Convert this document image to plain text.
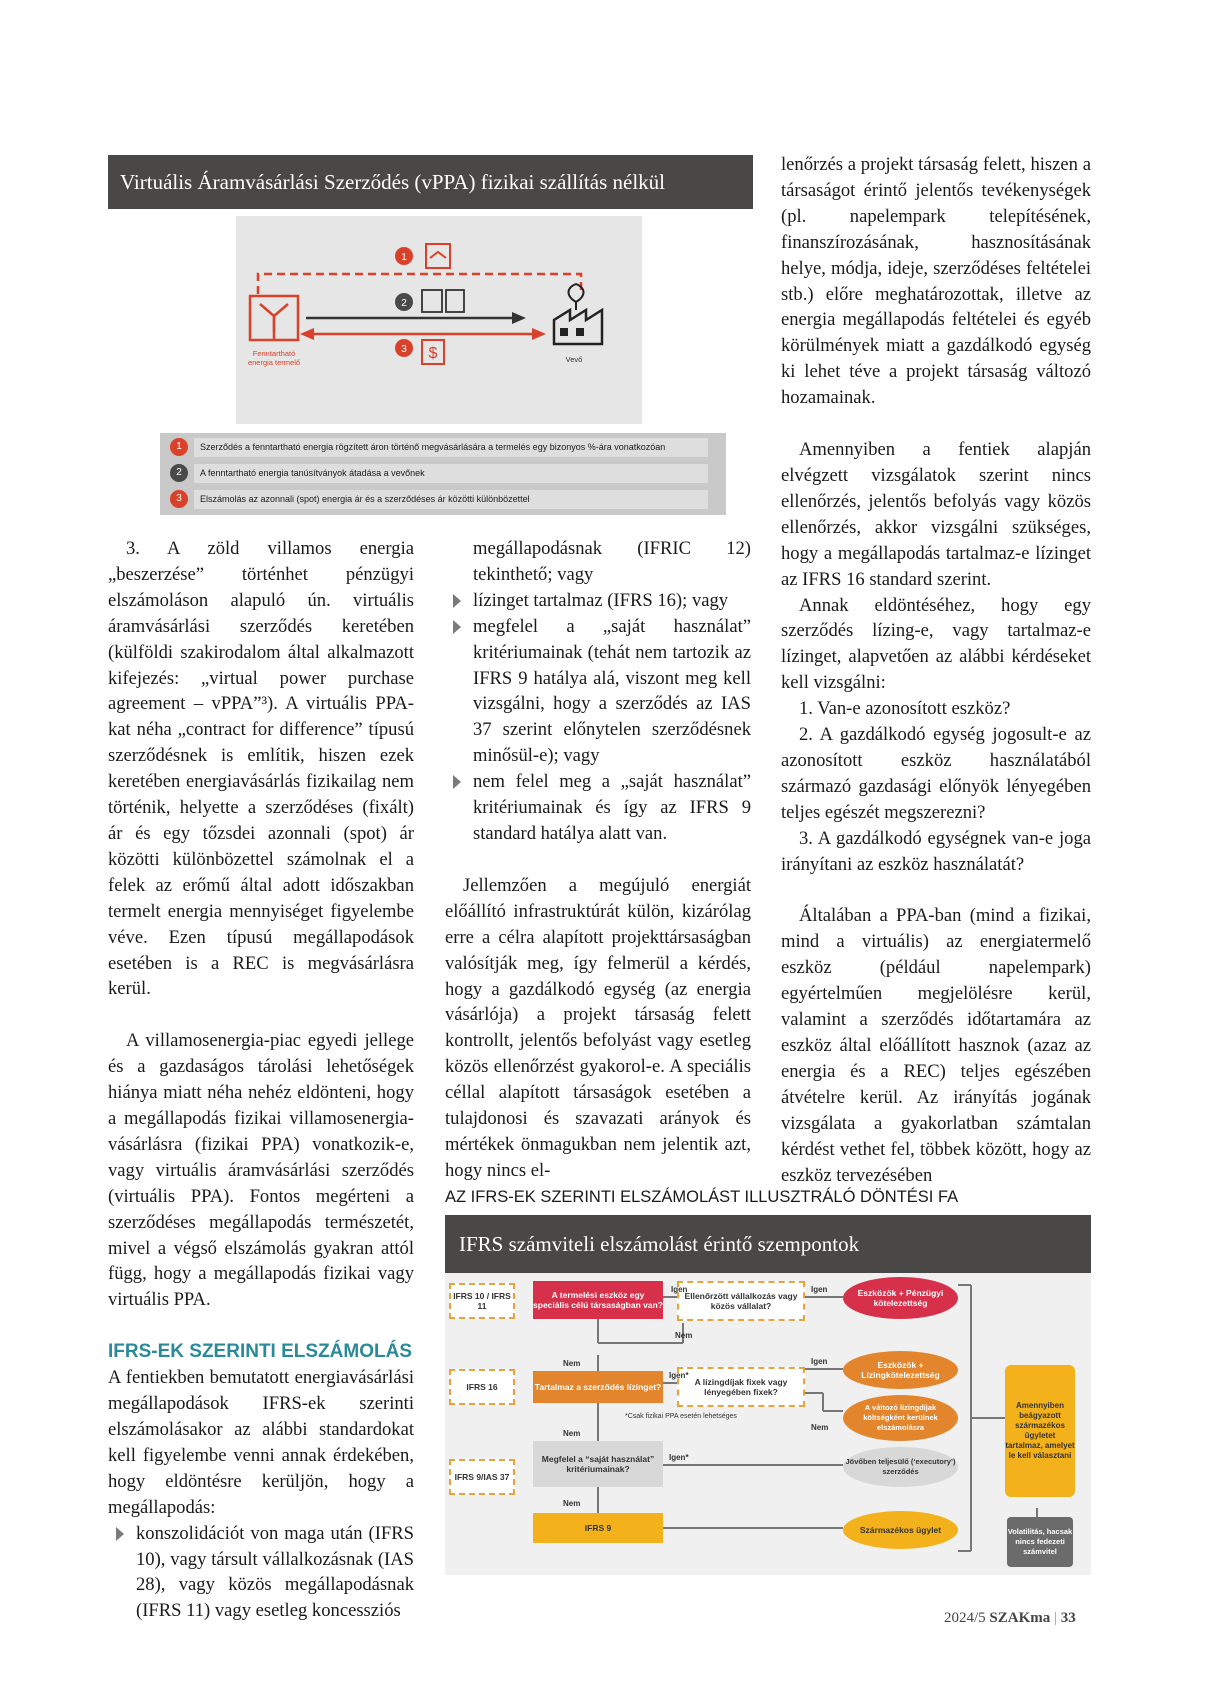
Virtuális Áramvásárlási Szerződés (vPPA) fizikai szállítás nélkül
1
2
3 $
Fenntartható
energia termelő	Vevő
1	Szerződés a fenntartható energia rögzített áron történő megvásárlására a termelés egy bizonyos %-ára vonatkozóan
2	A fenntartható energia tanúsítványok átadása a vevőnek
3	Elszámolás az azonnali (spot) energia ár és a szerződéses ár közötti különbözettel

3. A zöld villamos energia „beszerzése” történhet pénzügyi elszámoláson alapuló ún. virtuális áramvásárlási szerződés keretében (külföldi szakirodalom által alkalmazott kifejezés: „virtual power purchase agreement – vPPA”³). A virtuális PPA-kat néha „contract for difference” típusú szerződésnek is említik, hiszen ezek keretében energiavásárlás fizikailag nem történik, helyette a szerződéses (fixált) ár és egy tőzsdei azonnali (spot) ár közötti különbözettel számolnak el a felek az erőmű által adott időszakban termelt energia mennyiséget figyelembe véve. Ezen típusú megállapodások esetében is a REC is megvásárlásra kerül.

A villamosenergia-piac egyedi jellege és a gazdaságos tárolási lehetőségek hiánya miatt néha nehéz eldönteni, hogy a megállapodás fizikai villamosenergia-vásárlásra (fizikai PPA) vonatkozik-e, vagy virtuális áramvásárlási szerződés (virtuális PPA). Fontos megérteni a szerződéses megállapodás természetét, mivel a végső elszámolás gyakran attól függ, hogy a megállapodás fizikai vagy virtuális PPA.

IFRS-EK SZERINTI ELSZÁMOLÁS

A fentiekben bemutatott energiavásárlási megállapodások IFRS-ek szerinti elszámolásakor az alábbi standardokat kell figyelembe venni annak érdekében, hogy eldöntésre kerüljön, hogy a megállapodás:

konszolidációt von maga után (IFRS 10), vagy társult vállalkozásnak (IAS 28), vagy közös megállapodásnak (IFRS 11) vagy esetleg koncessziós

megállapodásnak (IFRIC 12) tekinthető; vagy

lízinget tartalmaz (IFRS 16); vagy

megfelel a „saját használat” kritériumainak (tehát nem tartozik az IFRS 9 hatálya alá, viszont meg kell vizsgálni, hogy a szerződés az IAS 37 szerint előnytelen szerződésnek minősül-e); vagy

nem felel meg a „saját használat” kritériumainak és így az IFRS 9 standard hatálya alatt van.

Jellemzően a megújuló energiát előállító infrastruktúrát külön, kizárólag erre a célra alapított projekttársaságban valósítják meg, így felmerül a kérdés, hogy a gazdálkodó egység (az energia vásárlója) a projekt társaság felett kontrollt, jelentős befolyást vagy esetleg közös ellenőrzést gyakorol-e. A speciális céllal alapított társaságok esetében a tulajdonosi és szavazati arányok és mértékek önmagukban nem jelentik azt, hogy nincs el-

lenőrzés a projekt társaság felett, hiszen a társaságot érintő jelentős tevékenységek (pl. napelempark telepítésének, finanszírozásának, hasznosításának helye, módja, ideje, szerződéses feltételei stb.) előre meghatározottak, illetve az energia megállapodás feltételei és egyéb körülmények miatt a gazdálkodó egység ki lehet téve a projekt társaság változó hozamainak.

Amennyiben a fentiek alapján elvégzett vizsgálatok szerint nincs ellenőrzés, jelentős befolyás vagy közös ellenőrzés, akkor vizsgálni szükséges, hogy a megállapodás tartalmaz-e lízinget az IFRS 16 standard szerint.

Annak eldöntéséhez, hogy egy szerződés lízing-e, vagy tartalmaz-e lízinget, alapvetően az alábbi kérdéseket kell vizsgálni:

1. Van-e azonosított eszköz?

2. A gazdálkodó egység jogosult-e az azonosított eszköz használatából származó gazdasági előnyök lényegében teljes egészét megszerezni?

3. A gazdálkodó egységnek van-e joga irányítani az eszköz használatát?

Általában a PPA-ban (mind a fizikai, mind a virtuális) az energiatermelő eszköz (például napelempark) egyértelműen megjelölésre kerül, valamint a szerződés időtartamára az eszköz által előállított hasznok (azaz az energia és a REC) teljes egészében átvételre kerül. Az irányítás jogának vizsgálata a gyakorlatban számtalan kérdést vethet fel, többek között, hogy az eszköz tervezésében

AZ IFRS-EK SZERINTI ELSZÁMOLÁST ILLUSZTRÁLÓ DÖNTÉSI FA
IFRS számviteli elszámolást érintő szempontok
IFRS 10 / IFRS 11
IFRS 16
IFRS 9/IAS 37
A termelési eszköz egy speciális célú társaságban van?
Ellenőrzött vállalkozás vagy közös vállalat?
Eszközök + Pénzügyi kötelezettség
Tartalmaz a szerződés lízinget?	A lízingdíjak fixek vagy lényegében fixek?
Eszközök + Lízingkötelezettség
A változó lízingdíjak költségként kerülnek elszámolásra
Megfelel a “saját használat” kritériumainak?
Jövőben teljesülő (‘executory’) szerződés
IFRS 9	Származékos ügylet
Amennyiben beágyazott származékos ügyletet tartalmaz, amelyet le kell választani
Volatilitás, hacsak nincs fedezeti számvitel
Igen	Igen
Nem
Nem
Igen*
Igen
Nem
*Csak fizikai PPA esetén lehetséges
Nem
Igen*
Nem
2024/5 SZAKma | 33
